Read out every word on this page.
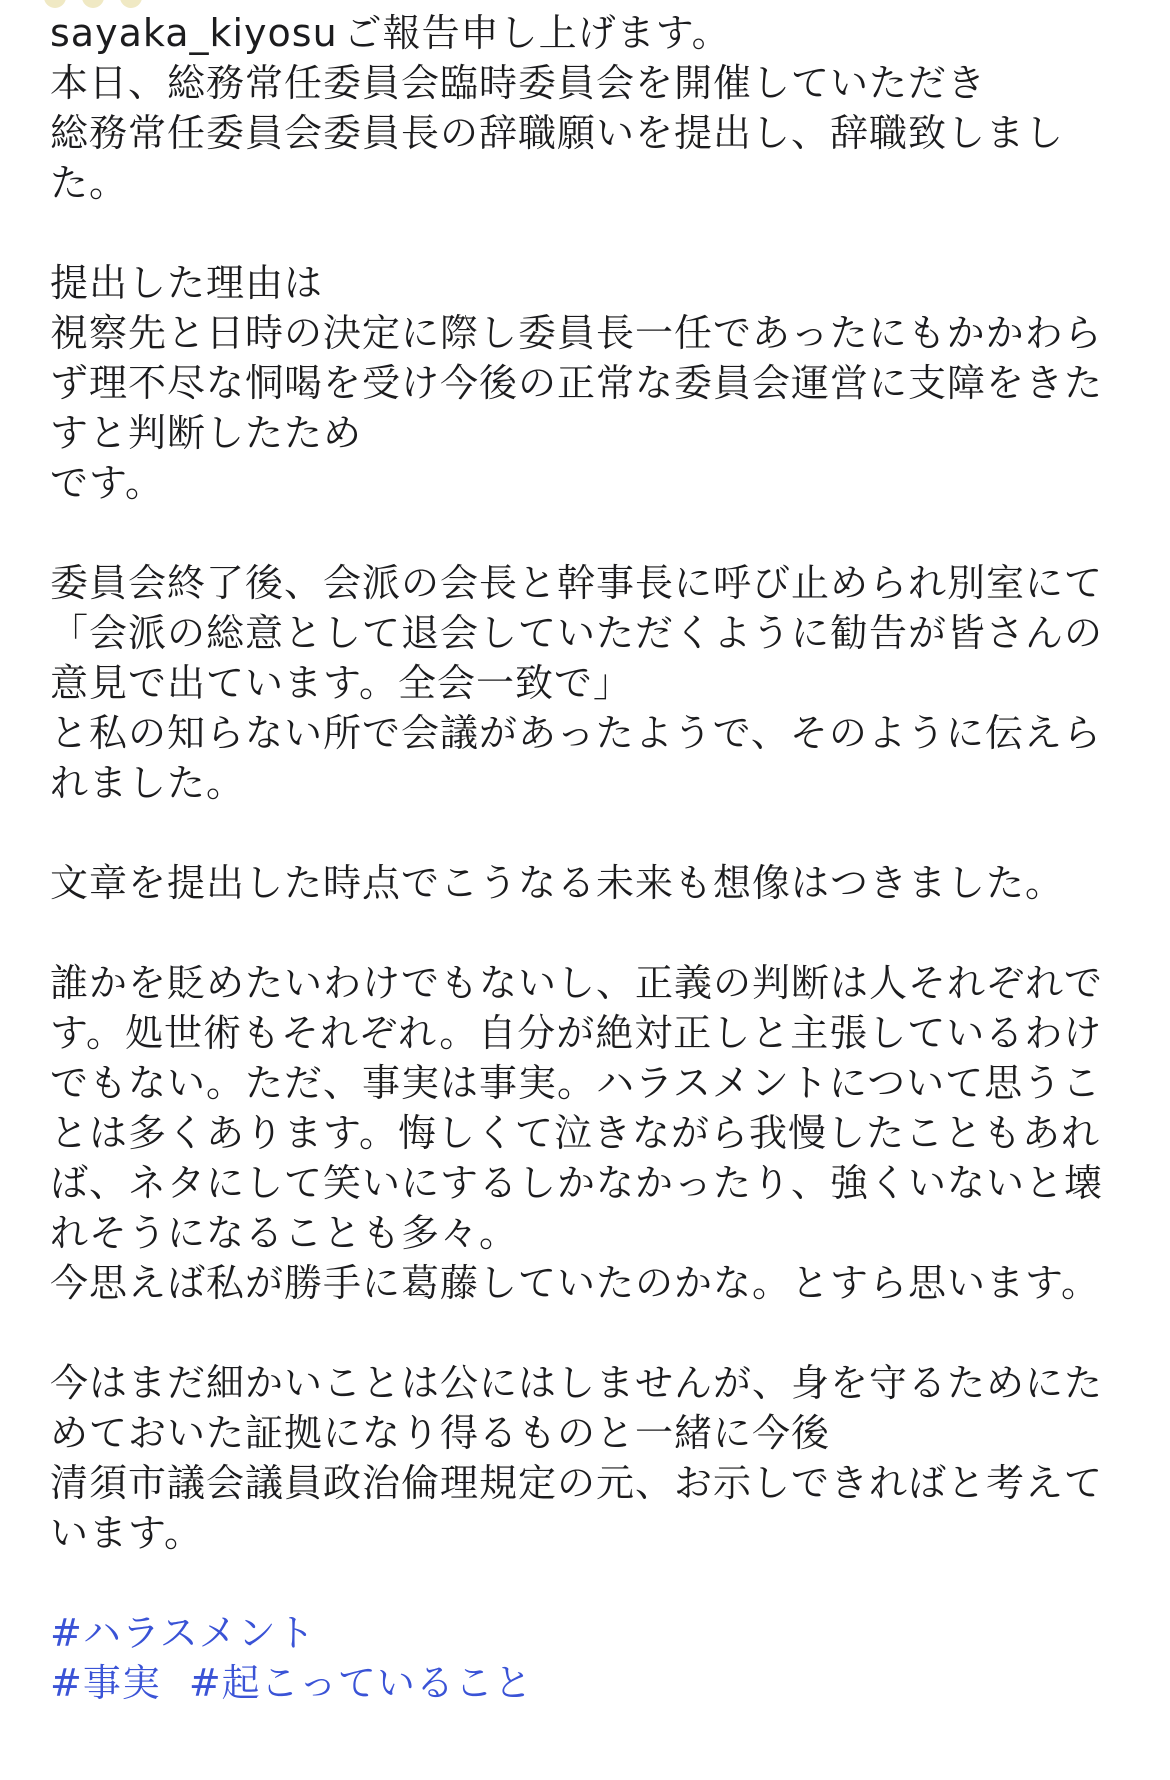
sayaka_kiyosu ご報告申し上げます。
本日、総務常任委員会臨時委員会を開催していただき
総務常任委員会委員長の辞職願いを提出し、辞職致しまし
た。
提出した理由は
視察先と日時の決定に際し委員長一任であったにもかかわら
ず理不尽な恫喝を受け今後の正常な委員会運営に支障をきた
すと判断したため
です。
委員会終了後、会派の会長と幹事長に呼び止められ別室にて
「会派の総意として退会していただくように勧告が皆さんの
意見で出ています。全会一致で」
と私の知らない所で会議があったようで、そのように伝えら
れました。
文章を提出した時点でこうなる未来も想像はつきました。
誰かを貶めたいわけでもないし、正義の判断は人それぞれで
す。処世術もそれぞれ。自分が絶対正しと主張しているわけ
でもない。ただ、事実は事実。ハラスメントについて思うこ
とは多くあります。悔しくて泣きながら我慢したこともあれ
ば、ネタにして笑いにするしかなかったり、強くいないと壊
れそうになることも多々。
今思えば私が勝手に葛藤していたのかな。とすら思います。
今はまだ細かいことは公にはしませんが、身を守るためにた
めておいた証拠になり得るものと一緒に今後
清須市議会議員政治倫理規定の元、お示しできればと考えて
います。
#ハラスメント
#事実 #起こっていること
